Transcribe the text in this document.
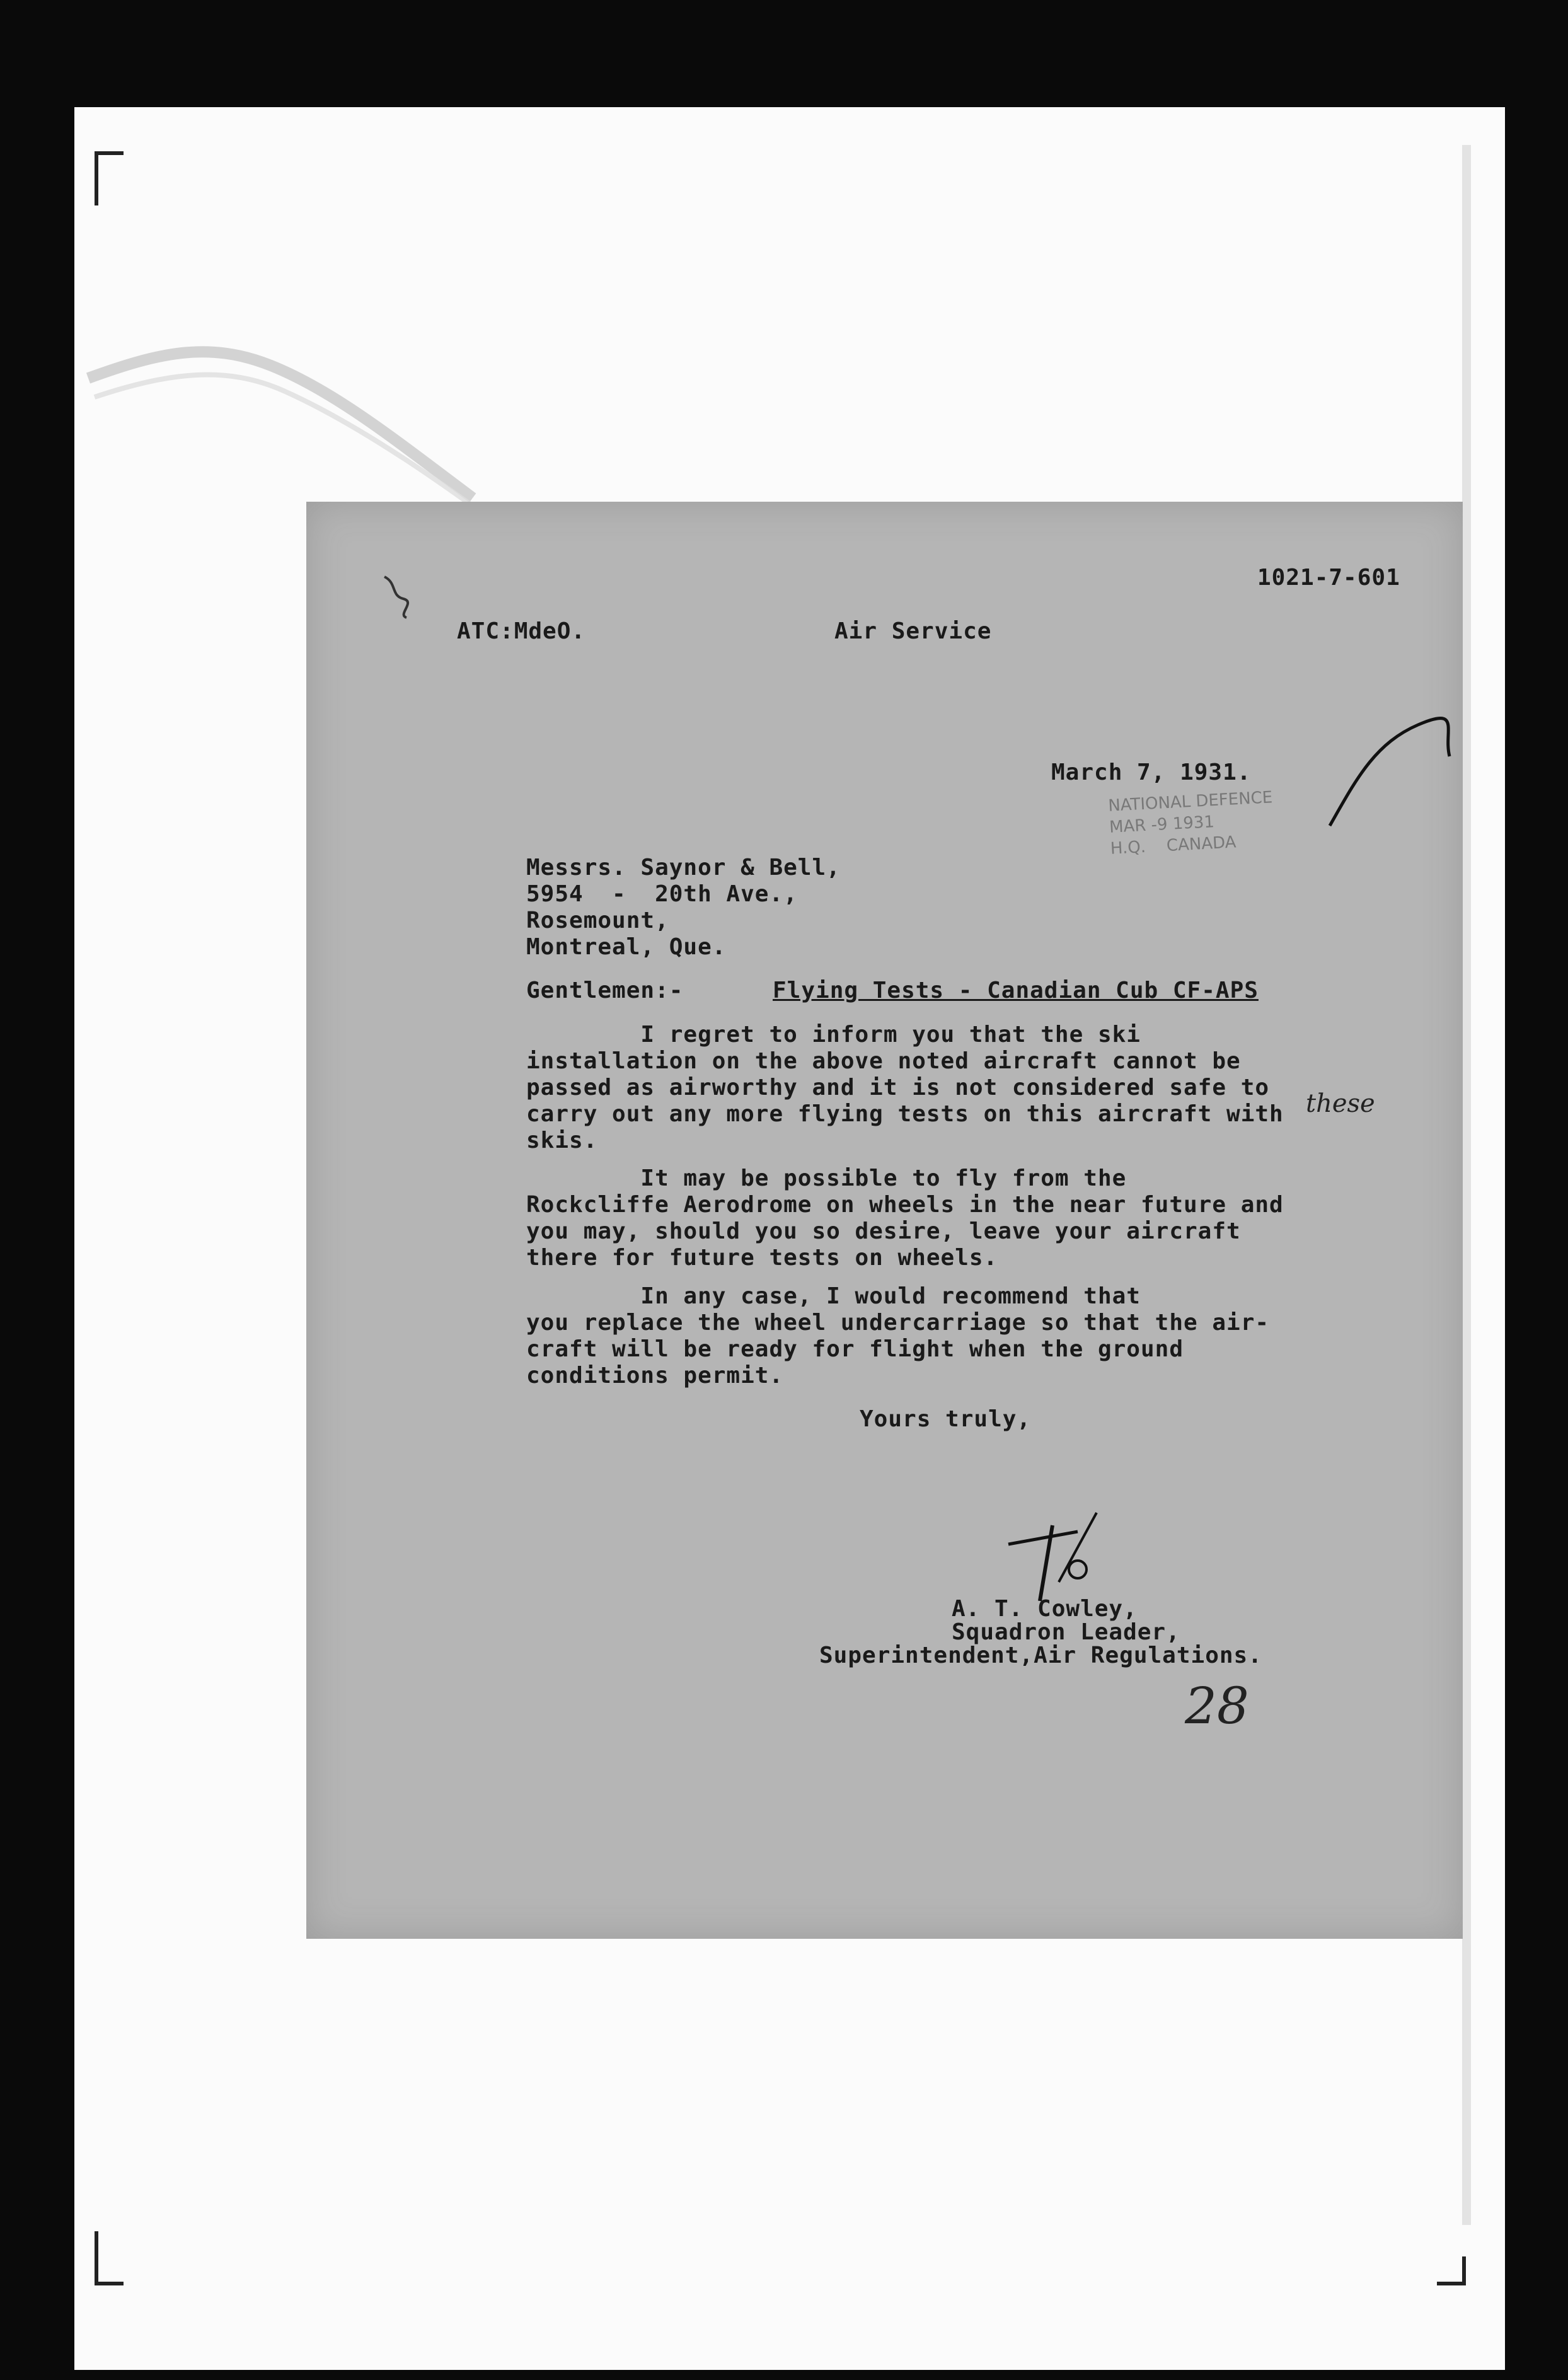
1021-7-601
ATC:MdeO.	Air Service
March 7, 1931.
NATIONAL DEFENCE
MAR -9 1931
H.Q.    CANADA
Messrs. Saynor & Bell,
5954  -  20th Ave.,
Rosemount,
Montreal, Que.
Gentlemen:-	Flying Tests - Canadian Cub CF-APS
I regret to inform you that the ski
installation on the above noted aircraft cannot be
passed as airworthy and it is not considered safe to
carry out any more flying tests on this aircraft with
skis.
these
It may be possible to fly from the
Rockcliffe Aerodrome on wheels in the near future and
you may, should you so desire, leave your aircraft
there for future tests on wheels.
In any case, I would recommend that
you replace the wheel undercarriage so that the air-
craft will be ready for flight when the ground
conditions permit.
Yours truly,
A. T. Cowley,
Squadron Leader,
Superintendent,Air Regulations.
28
